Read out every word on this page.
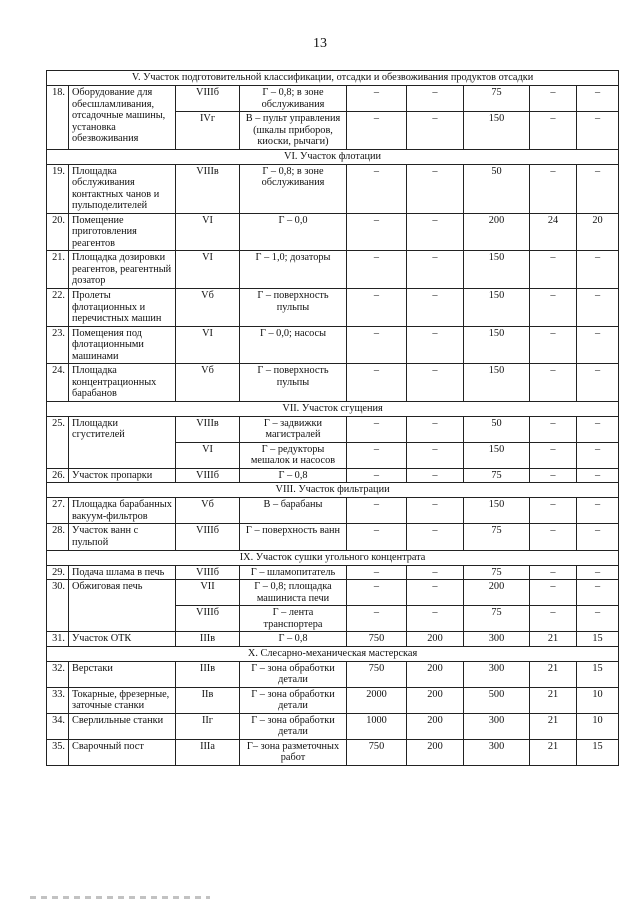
13
V. Участок подготовительной классификации, отсадки и обезвоживания продуктов отсадки								
18.	Оборудование для обесшламливания, отсадочные машины, установка обезвоживания	VIIIб	Г – 0,8; в зоне обслуживания	–	–	75	–	–
		IVг	В – пульт управления (шкалы приборов, киоски, рычаги)	–	–	150	–	–
VI. Участок флотации								
19.	Площадка обслуживания контактных чанов и пульподелителей	VIIIв	Г – 0,8; в зоне обслуживания	–	–	50	–	–
20.	Помещение приготовления реагентов	VI	Г – 0,0	–	–	200	24	20
21.	Площадка дозировки реагентов, реагентный дозатор	VI	Г – 1,0; дозаторы	–	–	150	–	–
22.	Пролеты флотационных и перечистных машин	Vб	Г – поверхность пульпы	–	–	150	–	–
23.	Помещения под флотационными машинами	VI	Г – 0,0; насосы	–	–	150	–	–
24.	Площадка концентрационных барабанов	Vб	Г – поверхность пульпы	–	–	150	–	–
VII. Участок сгущения								
25.	Площадки сгустителей	VIIIв	Г – задвижки магистралей	–	–	50	–	–
		VI	Г – редукторы мешалок и насосов	–	–	150	–	–
26.	Участок пропарки	VIIIб	Г – 0,8	–	–	75	–	–
VIII. Участок фильтрации								
27.	Площадка барабанных вакуум-фильтров	Vб	В – барабаны	–	–	150	–	–
28.	Участок ванн с пульпой	VIIIб	Г – поверхность ванн	–	–	75	–	–
IX. Участок сушки угольного концентрата								
29.	Подача шлама в печь	VIIIб	Г – шламопитатель	–	–	75	–	–
30.	Обжиговая печь	VII	Г – 0,8; площадка машиниста печи	–	–	200	–	–
		VIIIб	Г – лента транспортера	–	–	75	–	–
31.	Участок ОТК	IIIв	Г – 0,8	750	200	300	21	15
X. Слесарно-механическая мастерская								
32.	Верстаки	IIIв	Г – зона обработки детали	750	200	300	21	15
33.	Токарные, фрезерные, заточные станки	IIв	Г – зона обработки детали	2000	200	500	21	10
34.	Сверлильные станки	IIг	Г – зона обработки детали	1000	200	300	21	10
35.	Сварочный пост	IIIа	Г– зона разметочных работ	750	200	300	21	15
